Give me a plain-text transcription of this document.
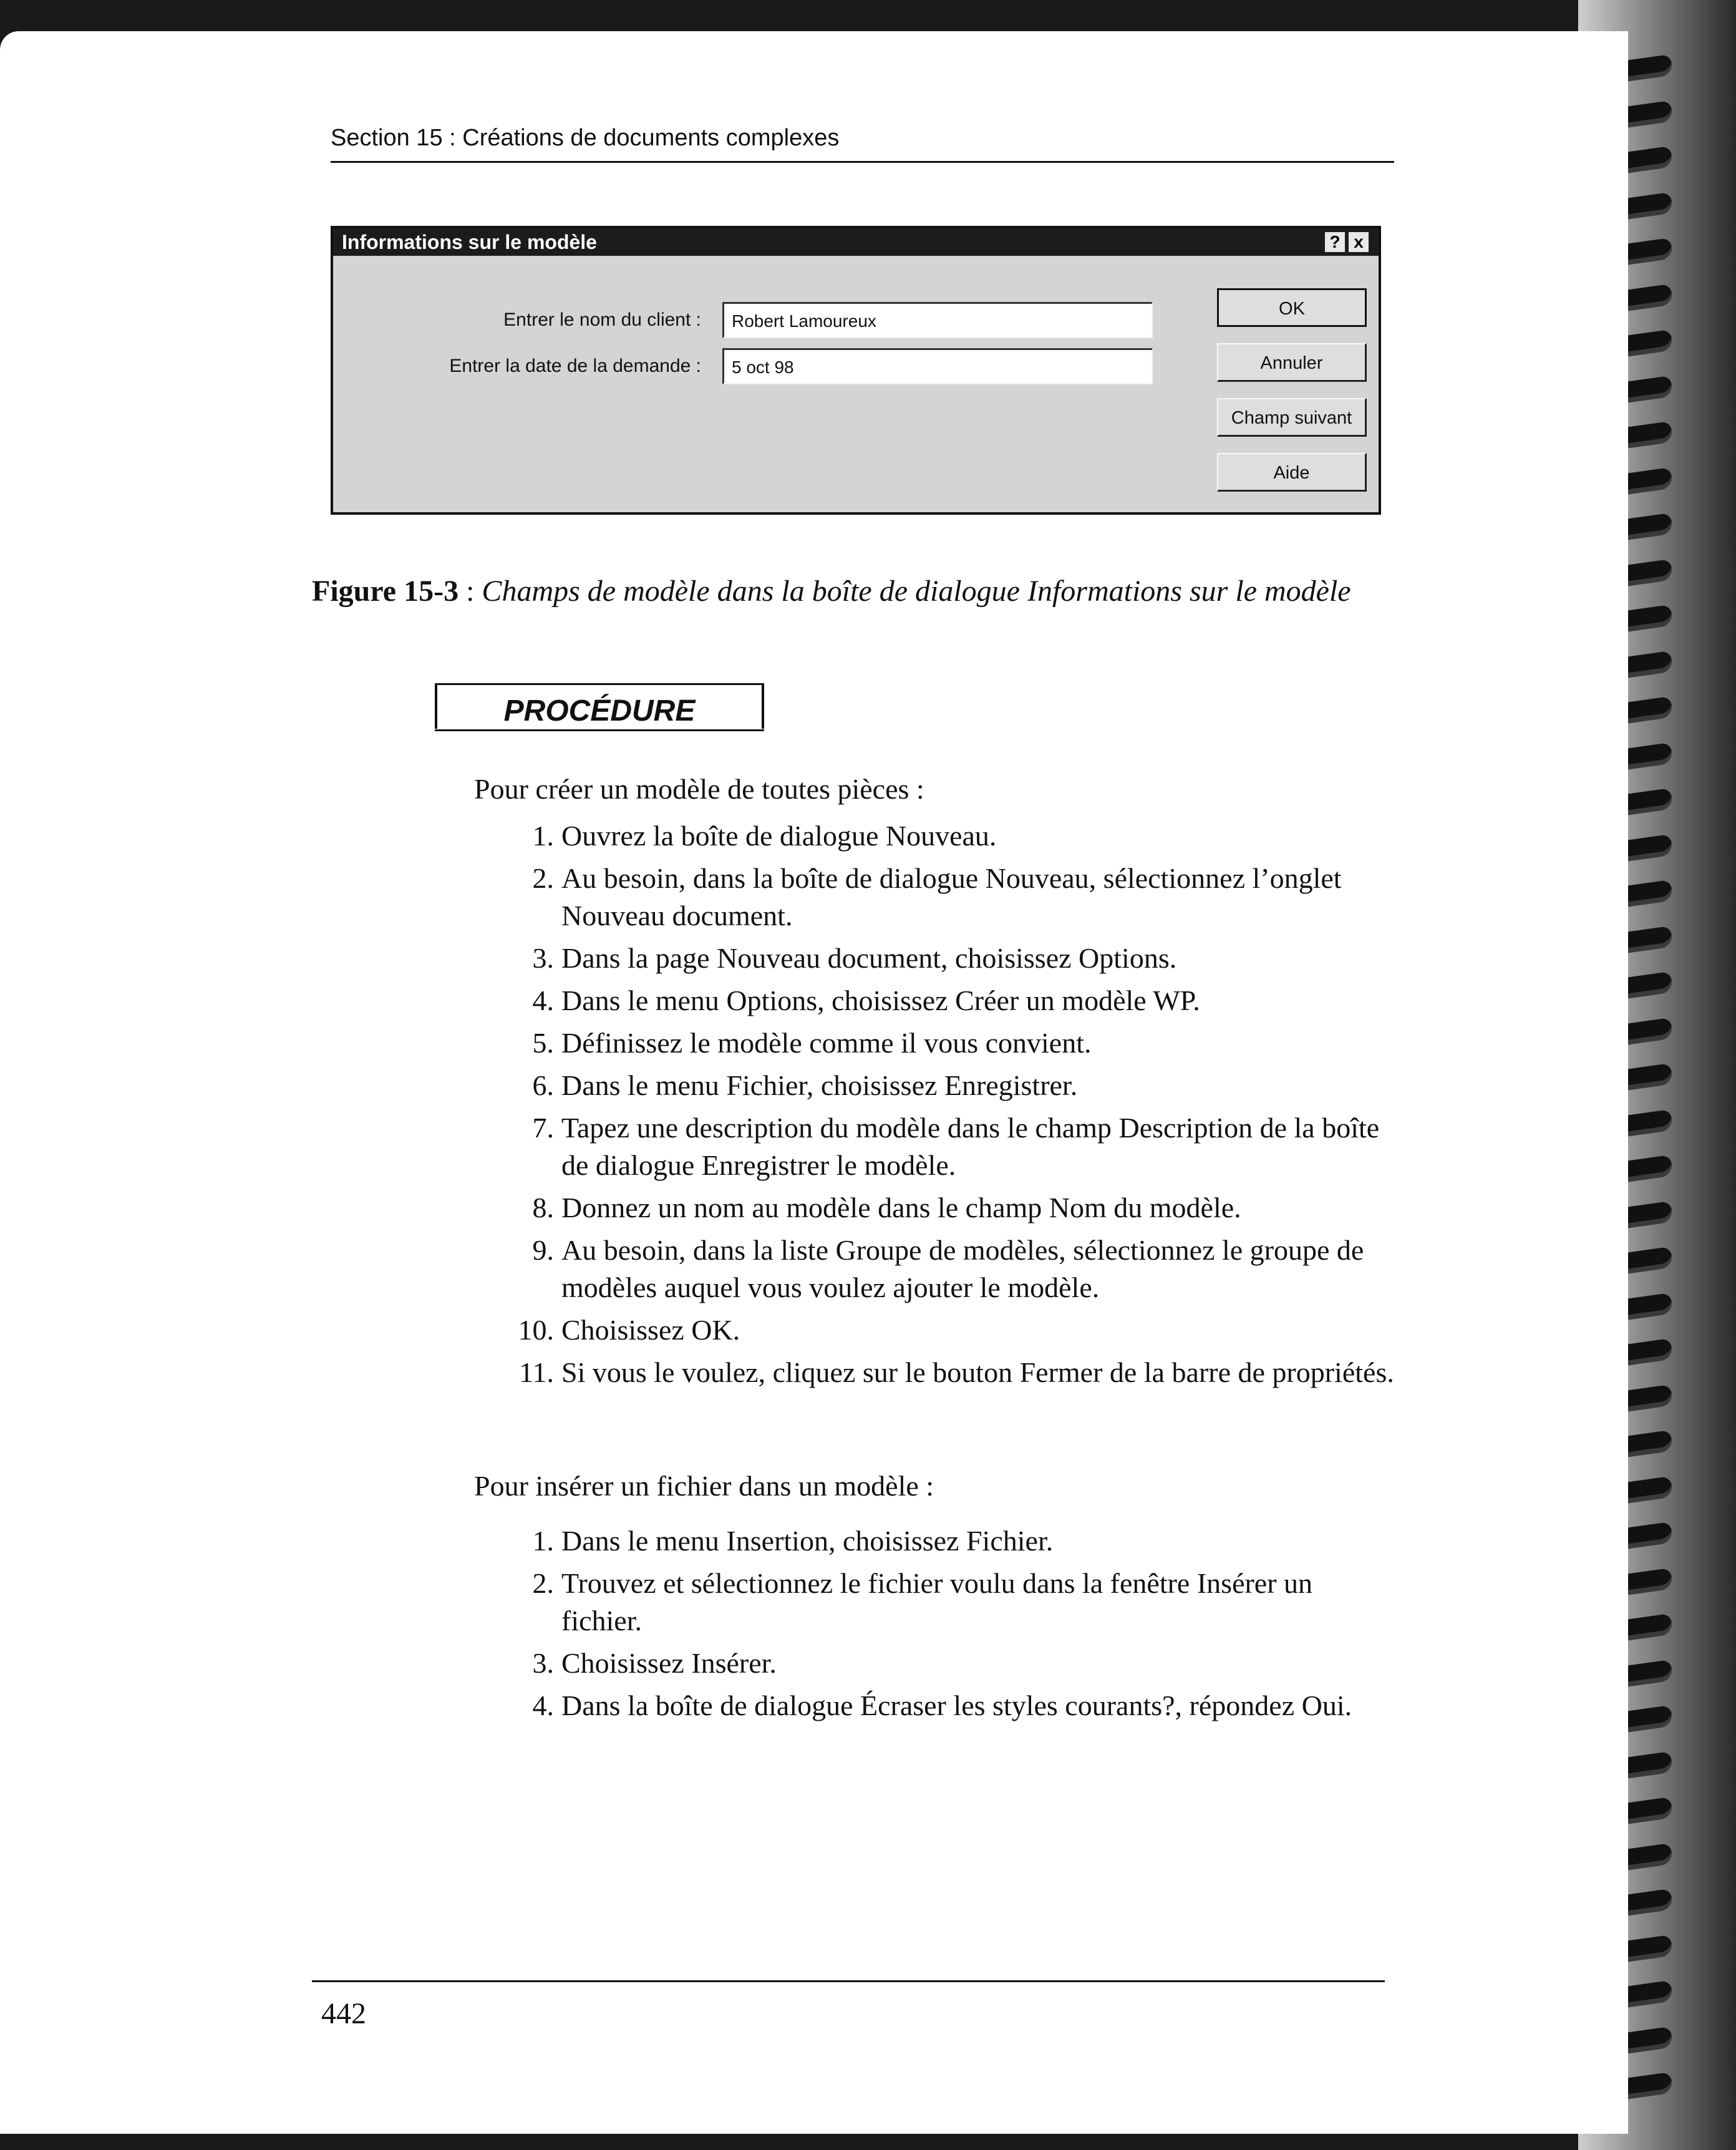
Section 15 : Créations de documents complexes
Informations sur le modèle	? x
Entrer le nom du client :	Robert Lamoureux
Entrer la date de la demande :	5 oct 98
OK
Annuler
Champ suivant
Aide
Figure 15-3 : Champs de modèle dans la boîte de dialogue Informations sur le modèle
PROCÉDURE
Pour créer un modèle de toutes pièces :
1. Ouvrez la boîte de dialogue Nouveau.
2. Au besoin, dans la boîte de dialogue Nouveau, sélectionnez l’onglet Nouveau document.
3. Dans la page Nouveau document, choisissez Options.
4. Dans le menu Options, choisissez Créer un modèle WP.
5. Définissez le modèle comme il vous convient.
6. Dans le menu Fichier, choisissez Enregistrer.
7. Tapez une description du modèle dans le champ Description de la boîte de dialogue Enregistrer le modèle.
8. Donnez un nom au modèle dans le champ Nom du modèle.
9. Au besoin, dans la liste Groupe de modèles, sélectionnez le groupe de modèles auquel vous voulez ajouter le modèle.
10. Choisissez OK.
11. Si vous le voulez, cliquez sur le bouton Fermer de la barre de propriétés.
Pour insérer un fichier dans un modèle :
1. Dans le menu Insertion, choisissez Fichier.
2. Trouvez et sélectionnez le fichier voulu dans la fenêtre Insérer un fichier.
3. Choisissez Insérer.
4. Dans la boîte de dialogue Écraser les styles courants?, répondez Oui.
442
